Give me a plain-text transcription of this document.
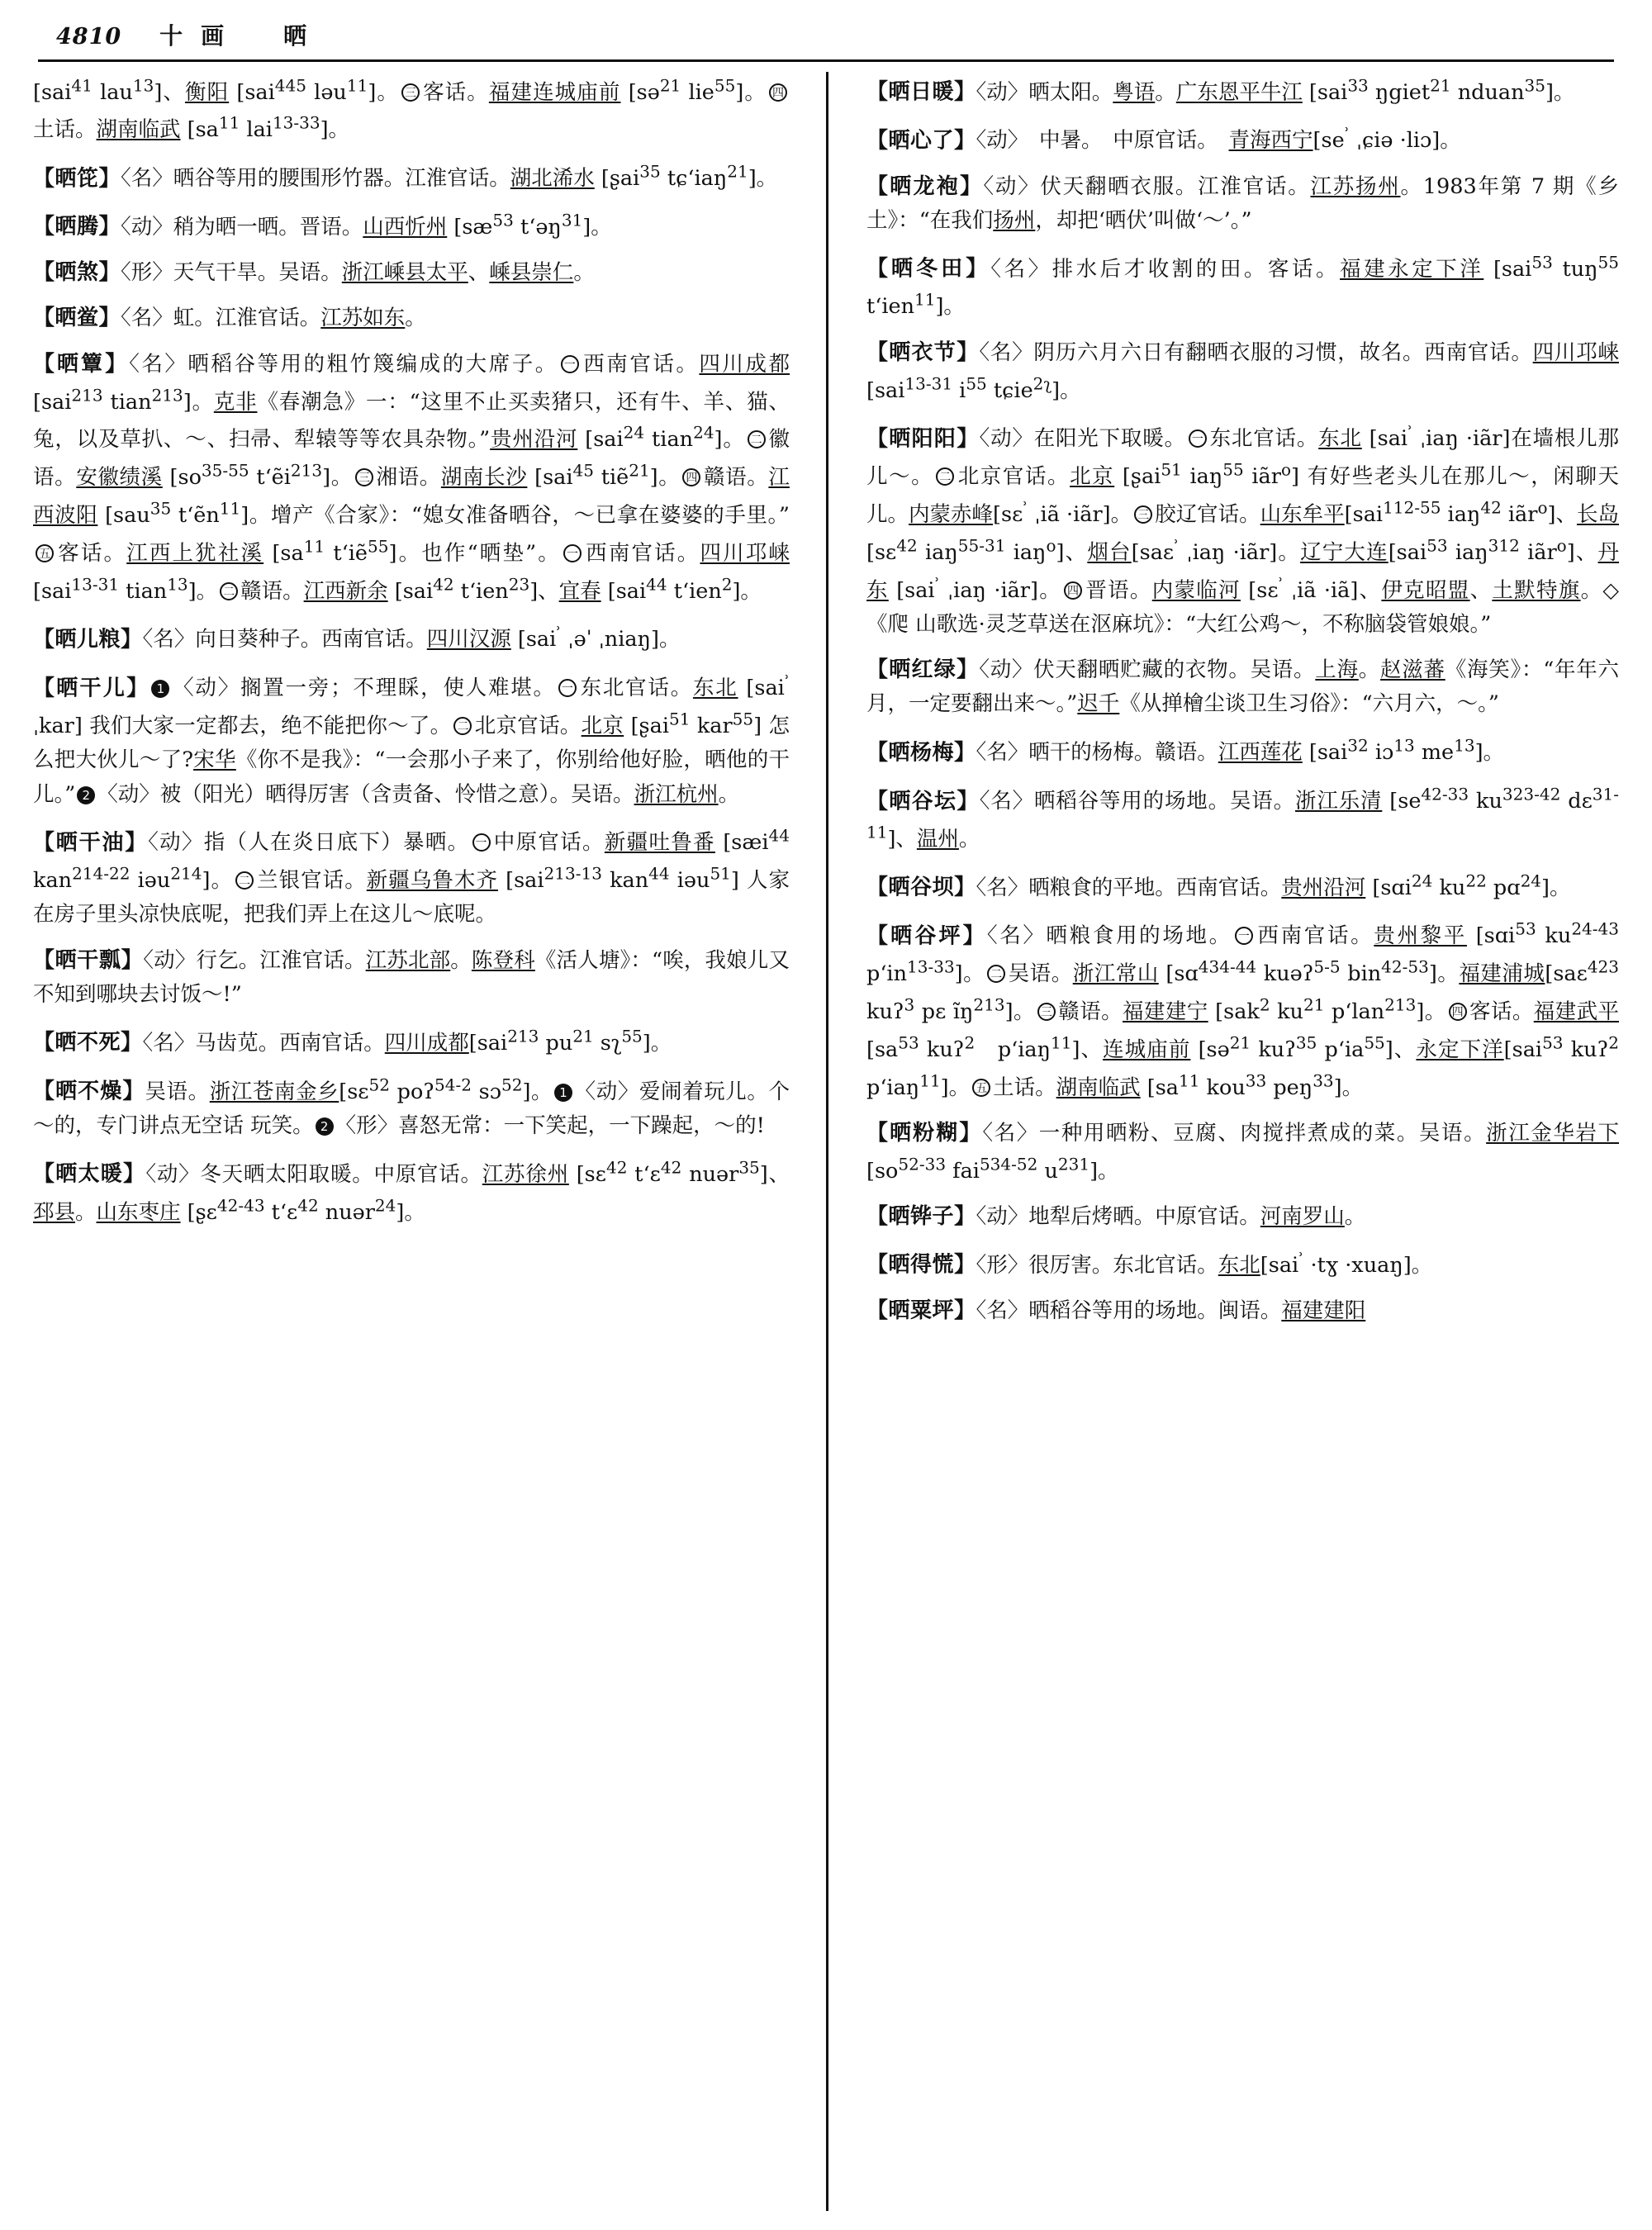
4810 十画　晒

[sai$^{41}$ lau$^{13}$]、衡阳 [sai$^{445}$ ləu$^{11}$]。 三 客话。福建连城庙前 [sə$^{21}$ lie$^{55}$]。 四土话。湖南临武 [$sa^{11}$ lai$^{13-33}$]。

【晒笓】〈名〉晒谷等用的腰围形竹器。江淮官话。湖北浠水 [ʂai$^{35}$ tɕ‘iaŋ$^{21}$]。

【晒腾】〈动〉稍为晒一晒。晋语。山西忻州 [$sæ^{53}$ t‘əŋ$^{31}$]。

【晒煞】〈形〉天气干旱。吴语。浙江嵊县太平、嵊县崇仁。

【晒鲎】〈名〉虹。江淮官话。江苏如东。

【晒簟】〈名〉晒稻谷等用的粗竹篾编成的大席子。 一 西南官话。四川成都 [sai$^{213}$ tian$^{213}$]。克非《春潮急》一：“这里不止买卖猪只，还有牛、羊、猫、兔，以及草扒、～、扫帚、犁辕等等农具杂物。”贵州沿河 [sai$^{24}$ tian$^{24}$]。 二 徽语。安徽绩溪 [$so^{35-55}$ t‘ẽi$^{213}$]。 三 湘语。湖南长沙 [sai$^{45}$ tiẽ$^{21}$]。 四 赣语。江西波阳 [sau$^{35}$ t‘ẽn$^{11}$]。增产《合家》：“媳女准备晒谷，～已拿在婆婆的手里。”五 客话。江西上犹社溪 [$sa^{11}$ t‘iẽ$^{55}$]。也作“晒垫”。 一 西南官话。四川邛崃 [sai$^{13-31}$ tian$^{13}$]。 二 赣语。江西新余 [sai$^{42}$ t‘ien$^{23}$]、宜春 [sai$^{44}$ t‘ien$^2$]。

【晒儿粮】〈名〉向日葵种子。西南官话。四川汉源 [sai$^ʾ$ ˌəˈ ˌniaŋ]。

【晒干儿】 1 〈动〉搁置一旁；不理睬，使人难堪。 一 东北官话。东北 [sai$^ʾ$ ˌkar] 我们大家一定都去，绝不能把你～了。 二 北京官话。北京 [ʂai$^{51}$ kar$^{55}$] 怎么把大伙儿～了?宋华《你不是我》：“一会那小子来了，你别给他好脸，晒他的干儿。” 2 〈动〉被（阳光）晒得厉害（含责备、怜惜之意）。吴语。浙江杭州。

【晒干油】〈动〉指（人在炎日底下）暴晒。 一 中原官话。新疆吐鲁番 [sæi$^{44}$ kan$^{214-22}$ iəu$^{214}$]。 二 兰银官话。新疆乌鲁木齐 [sai$^{213-13}$ kan$^{44}$ iəu$^{51}$] 人家在房子里头凉快底呢，把我们弄上在这儿～底呢。

【晒干瓢】〈动〉行乞。江淮官话。江苏北部。陈登科《活人塘》：“唉，我娘儿又不知到哪块去讨饭～!”

【晒不死】〈名〉马齿苋。西南官话。四川成都[sai$^{213}$ $pu^{21}$ sʅ$^{55}$]。

【晒不燥】吴语。浙江苍南金乡[sɛ$^{52}$ poʔ$^{54-2}$ sɔ$^{52}$]。 1 〈动〉爱闹着玩儿。个～的，专门讲点无空话 玩笑。 2 〈形〉喜怒无常：一下笑起，一下躁起，～的!

【晒太暖】〈动〉冬天晒太阳取暖。中原官话。江苏徐州 [sɛ$^{42}$ t‘ɛ$^{42}$ nuər$^{35}$]、邳县。山东枣庄 [ʂɛ$^{42-43}$ t‘ɛ$^{42}$ nuər$^{24}$]。

【晒日暖】〈动〉晒太阳。粤语。广东恩平牛江 [sai$^{33}$ ŋgiet$^{21}$ nduan$^{35}$]。

【晒心了】〈动〉　中暑。　中原官话。　青海西宁[$se^ʾ$ ˌɕiə ·liɔ]。

【晒龙袍】〈动〉伏天翻晒衣服。江淮官话。江苏扬州。1983年第 7 期《乡土》：“在我们扬州，却把‘晒伏’叫做‘～’。”

【晒冬田】〈名〉排水后才收割的田。客话。福建永定下洋 [sai$^{53}$ tuŋ$^{55}$ t‘ien$^{11}$]。

【晒衣节】〈名〉阴历六月六日有翻晒衣服的习惯，故名。西南官话。四川邛崃 [sai$^{13-31}$ $i^{55}$ tɕie$^{2ʅ}$]。

【晒阳阳】〈动〉在阳光下取暖。 一 东北官话。东北 [sai$^ʾ$ ˌiaŋ ·iãr]在墙根儿那儿～。 二 北京官话。北京 [ʂai$^{51}$ iaŋ$^{55}$ iãr$^o$] 有好些老头儿在那儿～，闲聊天儿。内蒙赤峰[sɛ$^ʾ$ ˌiã ·iãr]。 三 胶辽官话。山东牟平[sai$^{112-55}$ iaŋ$^{42}$ iãr$^o$]、长岛 [sɛ$^{42}$ iaŋ$^{55-31}$ iaŋ$^o$]、烟台[saɛ$^ʾ$ ˌiaŋ ·iãr]。辽宁大连[sai$^{53}$ iaŋ$^{312}$ iãr$^o$]、丹东 [sai$^ʾ$ ˌiaŋ ·iãr]。 四 晋语。内蒙临河 [sɛ$^ʾ$ ˌiã ·iã]、伊克昭盟、土默特旗。◇《爬 山歌选·灵芝草送在沤麻坑》：“大红公鸡～，不称脑袋管娘娘。”

【晒红绿】〈动〉伏天翻晒贮藏的衣物。吴语。上海。赵滋蕃《海笑》：“年年六月，一定要翻出来～。”迟千《从掸檜尘谈卫生习俗》：“六月六，～。”

【晒杨梅】〈名〉晒干的杨梅。赣语。江西莲花 [sai$^{32}$ iɔ$^{13}$ $me^{13}$]。

【晒谷坛】〈名〉晒稻谷等用的场地。吴语。浙江乐清 [$se^{42-33}$ $ku^{323-42}$ dɛ$^{31-11}$]、温州。

【晒谷坝】〈名〉晒粮食的平地。西南官话。贵州沿河 [sɑi$^{24}$ $ku^{22}$ pɑ$^{24}$]。

【晒谷坪】〈名〉晒粮食用的场地。 一 西南官话。贵州黎平 [sɑi$^{53}$ $ku^{24-43}$ $p‘in^{13-33}$]。 二 吴语。浙江常山 [sɑ$^{434-44}$ kuəʔ$^{5-5}$ bin$^{42-53}$]。福建浦城[saɛ$^{423}$ kuʔ$^3$ pɛ $ĩŋ^{213}$]。 三 赣语。福建建宁 [sak$^2$ $ku^{21}$ p‘lan$^{213}$]。 四 客话。福建武平 [$sa^{53}$ kuʔ$^2$　p‘iaŋ$^{11}$]、连城庙前 [sə$^{21}$ kuʔ$^{35}$ $p‘ia^{55}$]、永定下洋[sai$^{53}$ kuʔ$^2$ p‘iaŋ$^{11}$]。 五 土话。湖南临武 [$sa^{11}$ kou$^{33}$ peŋ$^{33}$]。

【晒粉糊】〈名〉一种用晒粉、豆腐、肉搅拌煮成的菜。吴语。浙江金华岩下 [$so^{52-33}$ fai$^{534-52}$ $u^{231}$]。

【晒铧子】〈动〉地犁后烤晒。中原官话。河南罗山。

【晒得慌】〈形〉很厉害。东北官话。东北[sai$^ʾ$ ·tɣ ·xuaŋ]。

【晒粟坪】〈名〉晒稻谷等用的场地。闽语。福建建阳
